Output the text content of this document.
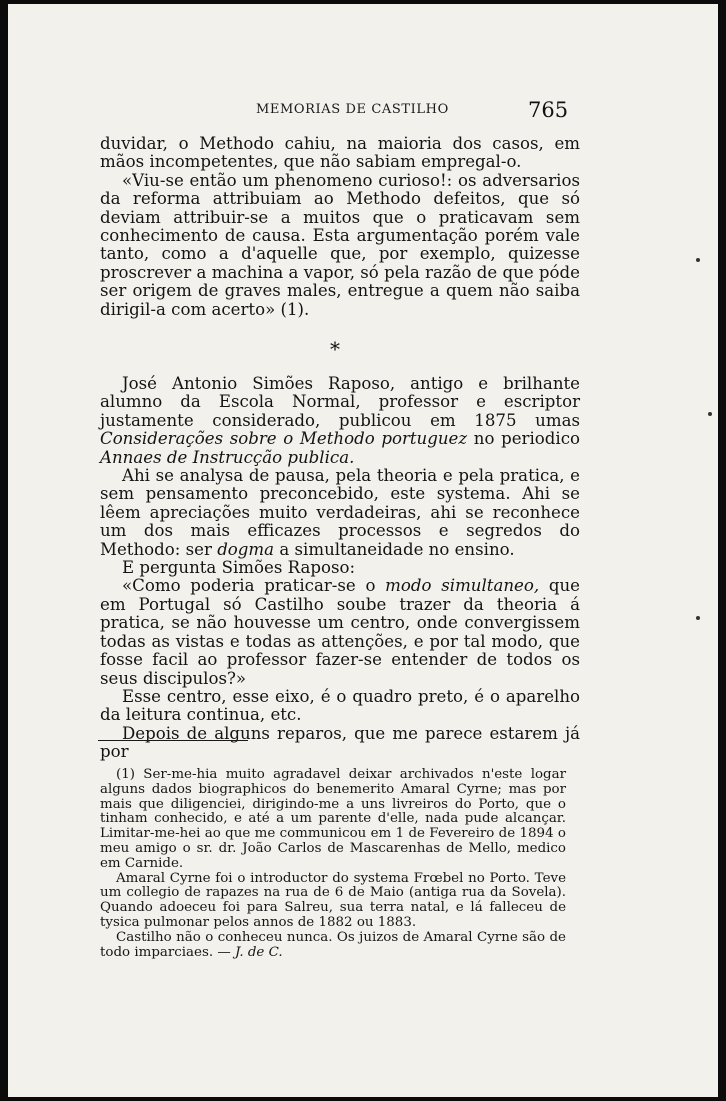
MEMORIAS DE CASTILHO	765

duvidar, o Methodo cahiu, na maioria dos casos, em mãos incompetentes, que não sabiam empregal-o.

«Viu-se então um phenomeno curioso!: os adversarios da reforma attribuiam ao Methodo defeitos, que só deviam attribuir-se a muitos que o praticavam sem conhecimento de causa. Esta argumentação porém vale tanto, como a d'aquelle que, por exemplo, quizesse proscrever a machina a vapor, só pela razão de que póde ser origem de graves males, entregue a quem não saiba dirigil-a com acerto» (1).

*

José Antonio Simões Raposo, antigo e brilhante alumno da Escola Normal, professor e escriptor justamente considerado, publicou em 1875 umas Considerações sobre o Methodo portuguez no periodico Annaes de Instrucção publica.

Ahi se analysa de pausa, pela theoria e pela pratica, e sem pensamento preconcebido, este systema. Ahi se lêem apreciações muito verdadeiras, ahi se reconhece um dos mais efficazes processos e segredos do Methodo: ser dogma a simultaneidade no ensino.

E pergunta Simões Raposo:

«Como poderia praticar-se o modo simultaneo, que em Portugal só Castilho soube trazer da theoria á pratica, se não houvesse um centro, onde convergissem todas as vistas e todas as attenções, e por tal modo, que fosse facil ao professor fazer-se entender de todos os seus discipulos?»

Esse centro, esse eixo, é o quadro preto, é o aparelho da leitura continua, etc.

Depois de alguns reparos, que me parece estarem já por

(1) Ser-me-hia muito agradavel deixar archivados n'este logar alguns dados biographicos do benemerito Amaral Cyrne; mas por mais que diligenciei, dirigindo-me a uns livreiros do Porto, que o tinham conhecido, e até a um parente d'elle, nada pude alcançar. Limitar-me-hei ao que me communicou em 1 de Fevereiro de 1894 o meu amigo o sr. dr. João Carlos de Mascarenhas de Mello, medico em Carnide.

Amaral Cyrne foi o introductor do systema Frœbel no Porto. Teve um collegio de rapazes na rua de 6 de Maio (antiga rua da Sovela). Quando adoeceu foi para Salreu, sua terra natal, e lá falleceu de tysica pulmonar pelos annos de 1882 ou 1883.

Castilho não o conheceu nunca. Os juizos de Amaral Cyrne são de todo imparciaes. — J. de C.
